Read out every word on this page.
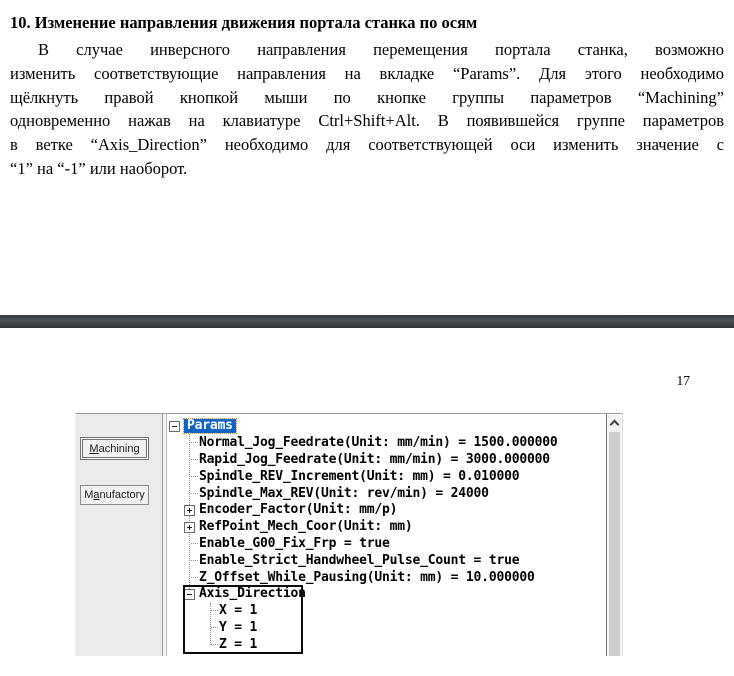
10. Изменение направления движения портала станка по осям
В случае инверсного направления перемещения портала станка, возможно
изменить соответствующие направления на вкладке “Params”. Для этого необходимо
щёлкнуть правой кнопкой мыши по кнопке группы параметров “Machining”
одновременно нажав на клавиатуре Ctrl+Shift+Alt. В появившейся группе параметров
в ветке “Axis_Direction” необходимо для соответствующей оси изменить значение с
“1” на “-1” или наоборот.
17
Machining
Manufactory
Params
Normal_Jog_Feedrate(Unit: mm/min) = 1500.000000
Rapid_Jog_Feedrate(Unit: mm/min) = 3000.000000
Spindle_REV_Increment(Unit: mm) = 0.010000
Spindle_Max_REV(Unit: rev/min) = 24000
Encoder_Factor(Unit: mm/p)
RefPoint_Mech_Coor(Unit: mm)
Enable_G00_Fix_Frp = true
Enable_Strict_Handwheel_Pulse_Count = true
Z_Offset_While_Pausing(Unit: mm) = 10.000000
Axis_Direction
X = 1
Y = 1
Z = 1
